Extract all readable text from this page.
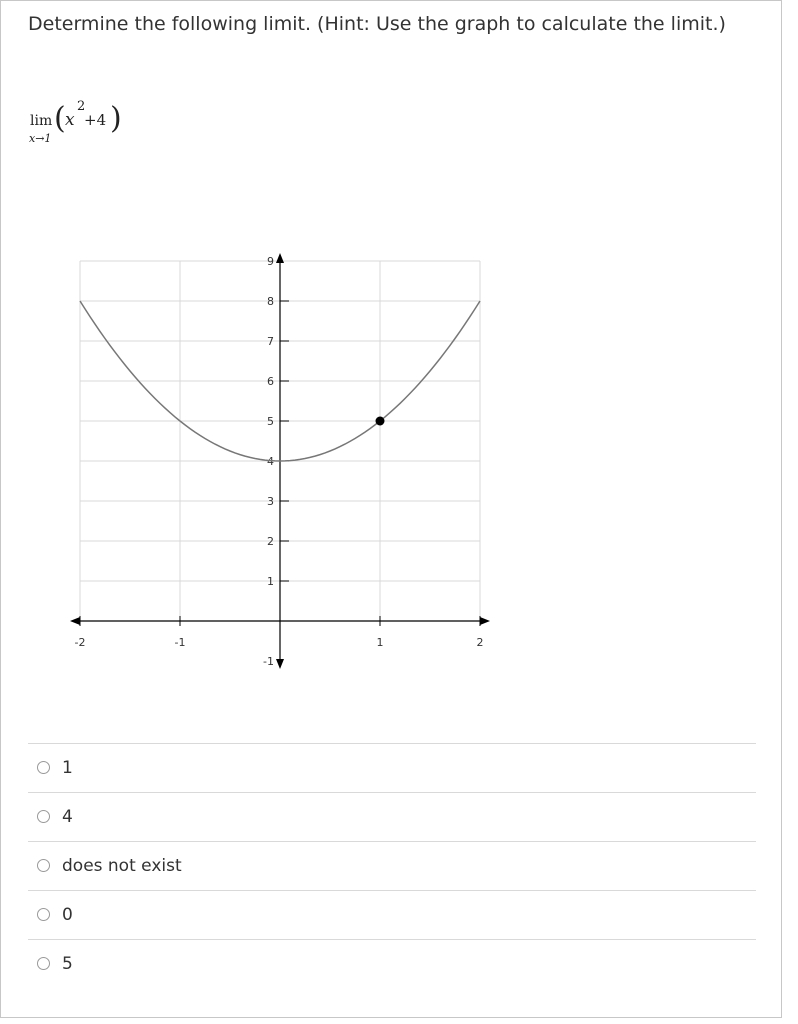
Determine the following limit. (Hint: Use the graph to calculate the limit.)
lim
x→1
( x
2
+4 )
9
8
7
6
5
4
3
2
1
-1
-2	-1	1	2
1
4
does not exist
0
5
